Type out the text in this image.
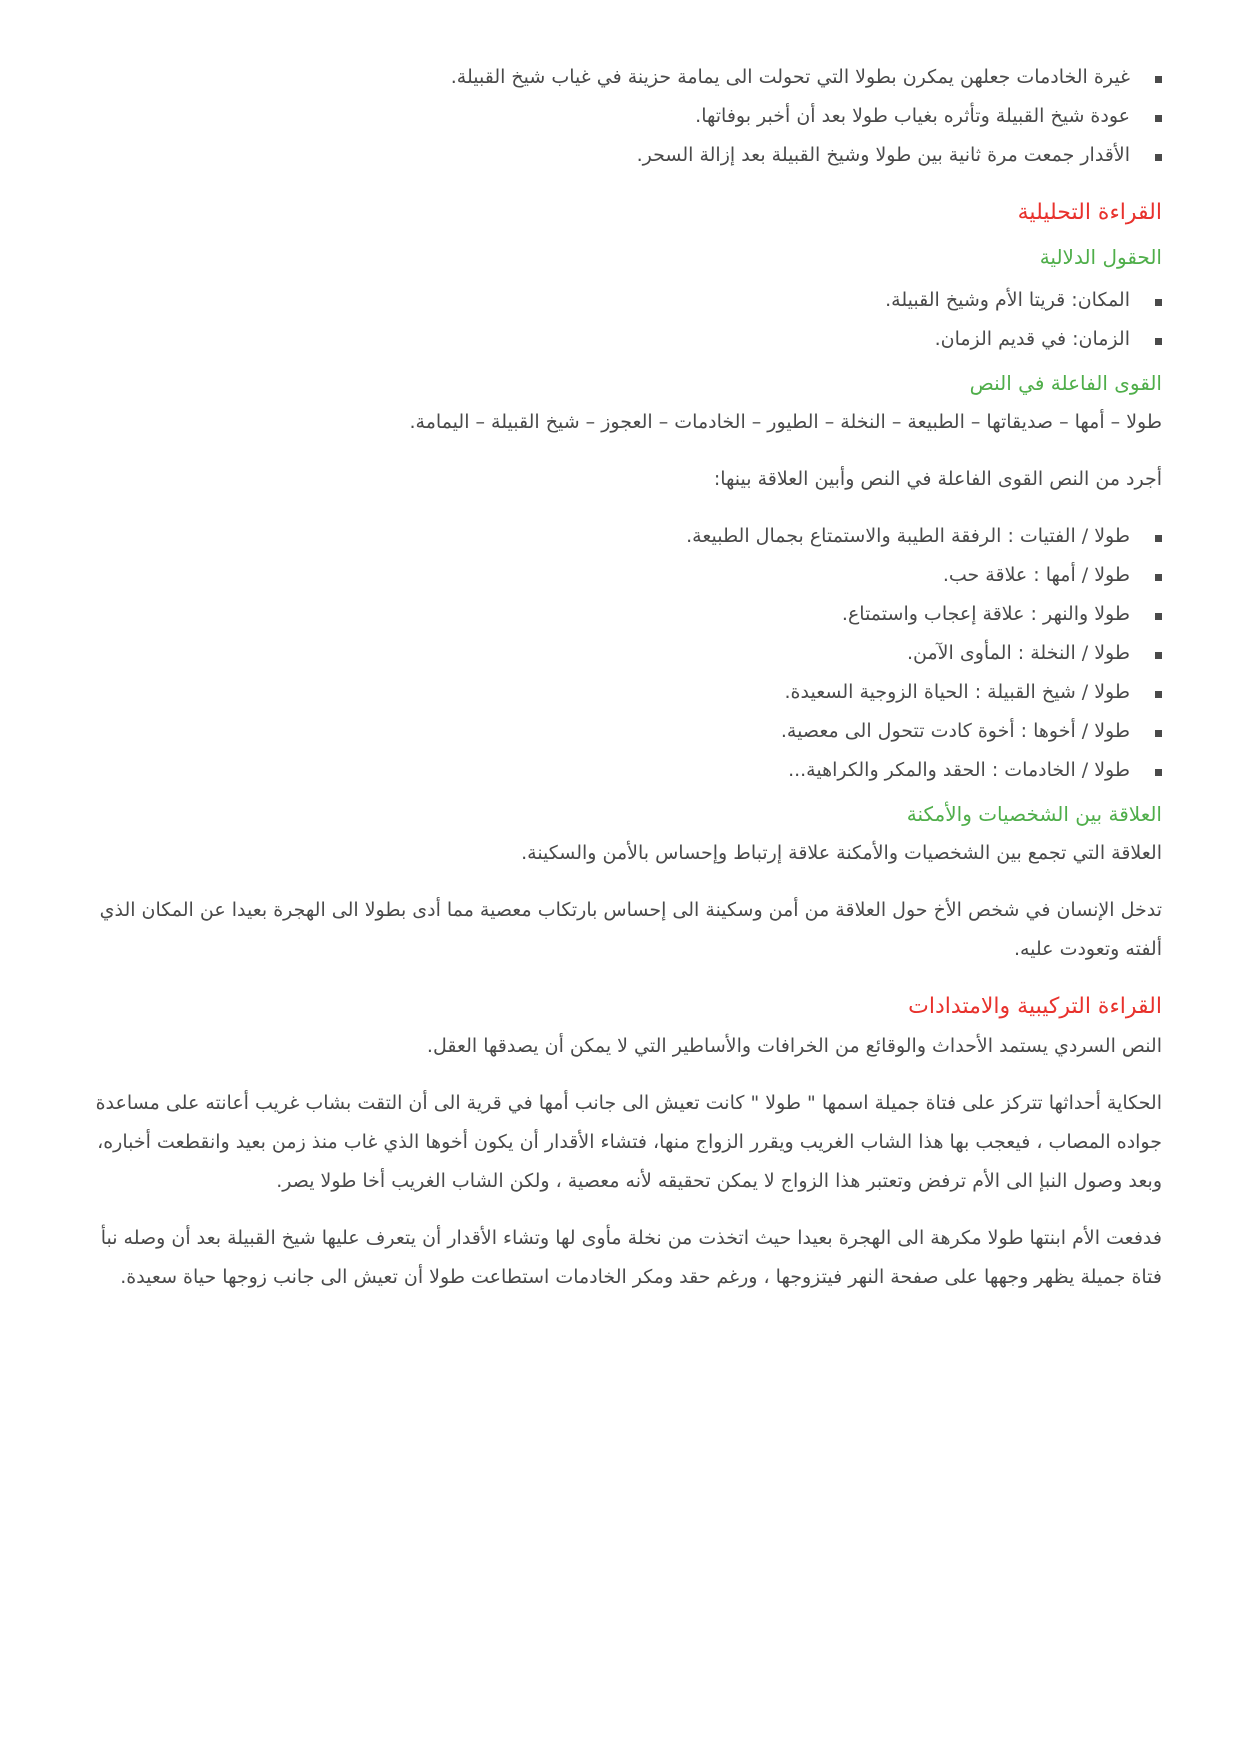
غيرة الخادمات جعلهن يمكرن بطولا التي تحولت الى يمامة حزينة في غياب شيخ القبيلة.
عودة شيخ القبيلة وتأثره بغياب طولا بعد أن أخبر بوفاتها.
الأقدار جمعت مرة ثانية بين طولا وشيخ القبيلة بعد إزالة السحر.
القراءة التحليلية
الحقول الدلالية
المكان: قريتا الأم وشيخ القبيلة.
الزمان: في قديم الزمان.
القوى الفاعلة في النص

طولا – أمها – صديقاتها – الطبيعة – النخلة – الطيور – الخادمات – العجوز – شيخ القبيلة – اليمامة.

أجرد من النص القوى الفاعلة في النص وأبين العلاقة بينها:

طولا / الفتيات : الرفقة الطيبة والاستمتاع بجمال الطبيعة.
طولا / أمها : علاقة حب.
طولا والنهر : علاقة إعجاب واستمتاع.
طولا / النخلة : المأوى الآمن.
طولا / شيخ القبيلة : الحياة الزوجية السعيدة.
طولا / أخوها : أخوة كادت تتحول الى معصية.
طولا / الخادمات : الحقد والمكر والكراهية...
العلاقة بين الشخصيات والأمكنة

العلاقة التي تجمع بين الشخصيات والأمكنة علاقة إرتباط وإحساس بالأمن والسكينة.

تدخل الإنسان في شخص الأخ حول العلاقة من أمن وسكينة الى إحساس بارتكاب معصية مما أدى بطولا الى الهجرة بعيدا عن المكان الذي ألفته وتعودت عليه.

القراءة التركيبية والامتدادات

النص السردي يستمد الأحداث والوقائع من الخرافات والأساطير التي لا يمكن أن يصدقها العقل.

الحكاية أحداثها تتركز على فتاة جميلة اسمها " طولا " كانت تعيش الى جانب أمها في قرية الى أن التقت بشاب غريب أعانته على مساعدة جواده المصاب ، فيعجب بها هذا الشاب الغريب ويقرر الزواج منها، فتشاء الأقدار أن يكون أخوها الذي غاب منذ زمن بعيد وانقطعت أخباره، وبعد وصول النبإ الى الأم ترفض وتعتبر هذا الزواج لا يمكن تحقيقه لأنه معصية ، ولكن الشاب الغريب أخا طولا يصر.

فدفعت الأم ابنتها طولا مكرهة الى الهجرة بعيدا حيث اتخذت من نخلة مأوى لها وتشاء الأقدار أن يتعرف عليها شيخ القبيلة بعد أن وصله نبأ فتاة جميلة يظهر وجهها على صفحة النهر فيتزوجها ، ورغم حقد ومكر الخادمات استطاعت طولا أن تعيش الى جانب زوجها حياة سعيدة.
